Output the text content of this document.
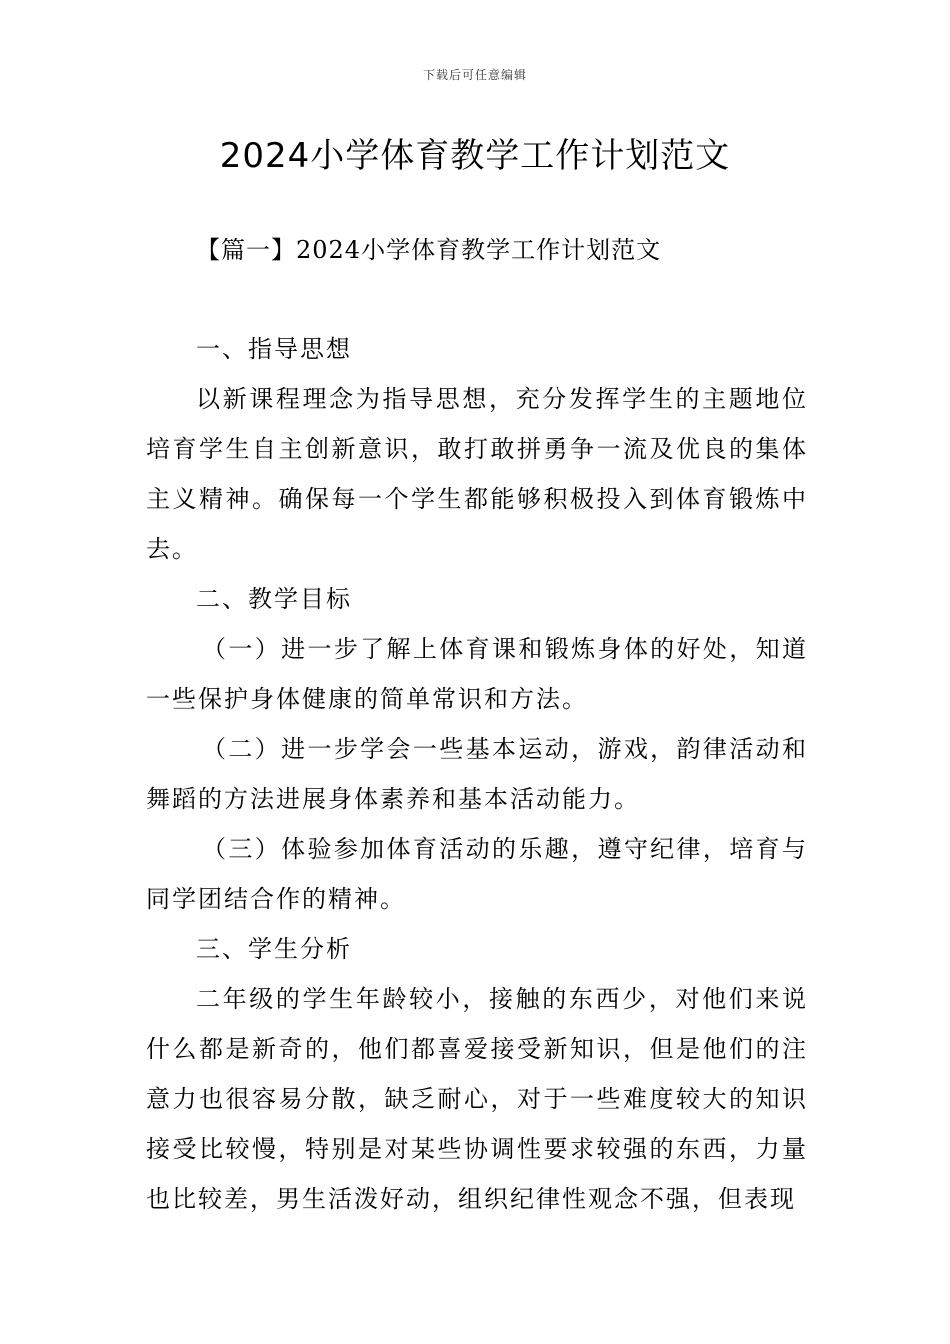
下载后可任意编辑
2024小学体育教学工作计划范文
【篇一】2024小学体育教学工作计划范文

一、指导思想

以新课程理念为指导思想，充分发挥学生的主题地位培育学生自主创新意识，敢打敢拼勇争一流及优良的集体主义精神。确保每一个学生都能够积极投入到体育锻炼中去。

二、教学目标

（一）进一步了解上体育课和锻炼身体的好处，知道一些保护身体健康的简单常识和方法。

（二）进一步学会一些基本运动，游戏，韵律活动和舞蹈的方法进展身体素养和基本活动能力。

（三）体验参加体育活动的乐趣，遵守纪律，培育与同学团结合作的精神。

三、学生分析

二年级的学生年龄较小，接触的东西少，对他们来说什么都是新奇的，他们都喜爱接受新知识，但是他们的注意力也很容易分散，缺乏耐心，对于一些难度较大的知识接受比较慢，特别是对某些协调性要求较强的东西，力量也比较差，男生活泼好动，组织纪律性观念不强，但表现
